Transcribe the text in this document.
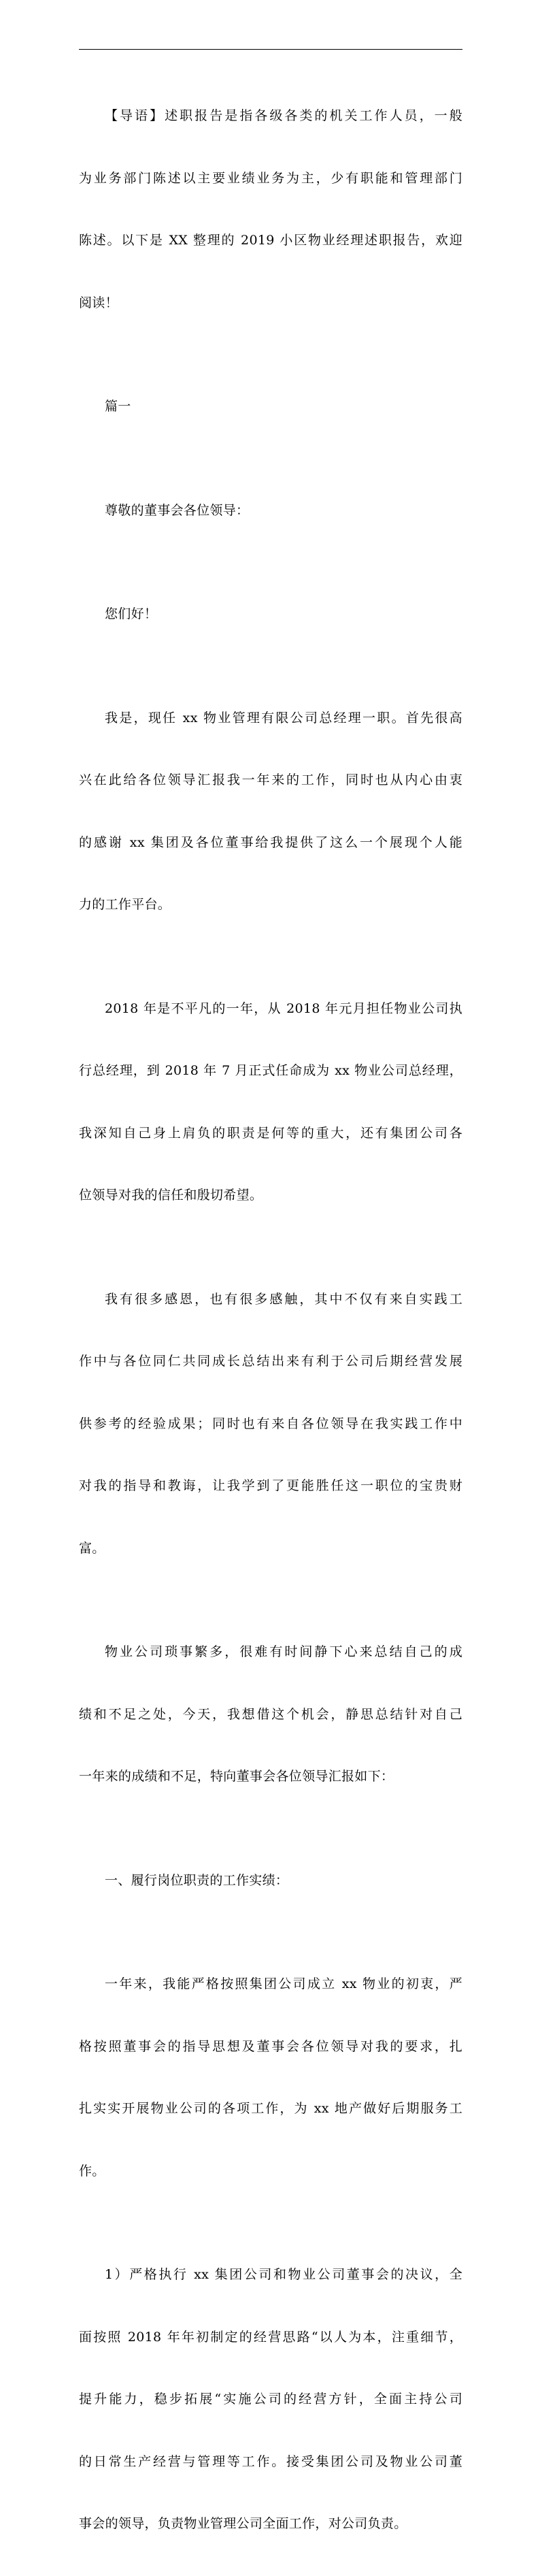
【导语】述职报告是指各级各类的机关工作人员，一般

为业务部门陈述以主要业绩业务为主，少有职能和管理部门

陈述。以下是 XX 整理的 2019 小区物业经理述职报告，欢迎

阅读！

篇一

尊敬的董事会各位领导：

您们好！

我是，现任 xx 物业管理有限公司总经理一职。首先很高

兴在此给各位领导汇报我一年来的工作，同时也从内心由衷

的感谢 xx 集团及各位董事给我提供了这么一个展现个人能

力的工作平台。

2018 年是不平凡的一年，从 2018 年元月担任物业公司执

行总经理，到 2018 年 7 月正式任命成为 xx 物业公司总经理，

我深知自己身上肩负的职责是何等的重大，还有集团公司各

位领导对我的信任和殷切希望。

我有很多感恩，也有很多感触，其中不仅有来自实践工

作中与各位同仁共同成长总结出来有利于公司后期经营发展

供参考的经验成果；同时也有来自各位领导在我实践工作中

对我的指导和教诲，让我学到了更能胜任这一职位的宝贵财

富。

物业公司琐事繁多，很难有时间静下心来总结自己的成

绩和不足之处，今天，我想借这个机会，静思总结针对自己

一年来的成绩和不足，特向董事会各位领导汇报如下：

一、履行岗位职责的工作实绩：

一年来，我能严格按照集团公司成立 xx 物业的初衷，严

格按照董事会的指导思想及董事会各位领导对我的要求，扎

扎实实开展物业公司的各项工作，为 xx 地产做好后期服务工

作。

1）严格执行 xx 集团公司和物业公司董事会的决议，全

面按照 2018 年年初制定的经营思路“以人为本，注重细节，

提升能力，稳步拓展“实施公司的经营方针，全面主持公司

的日常生产经营与管理等工作。接受集团公司及物业公司董

事会的领导，负责物业管理公司全面工作，对公司负责。
